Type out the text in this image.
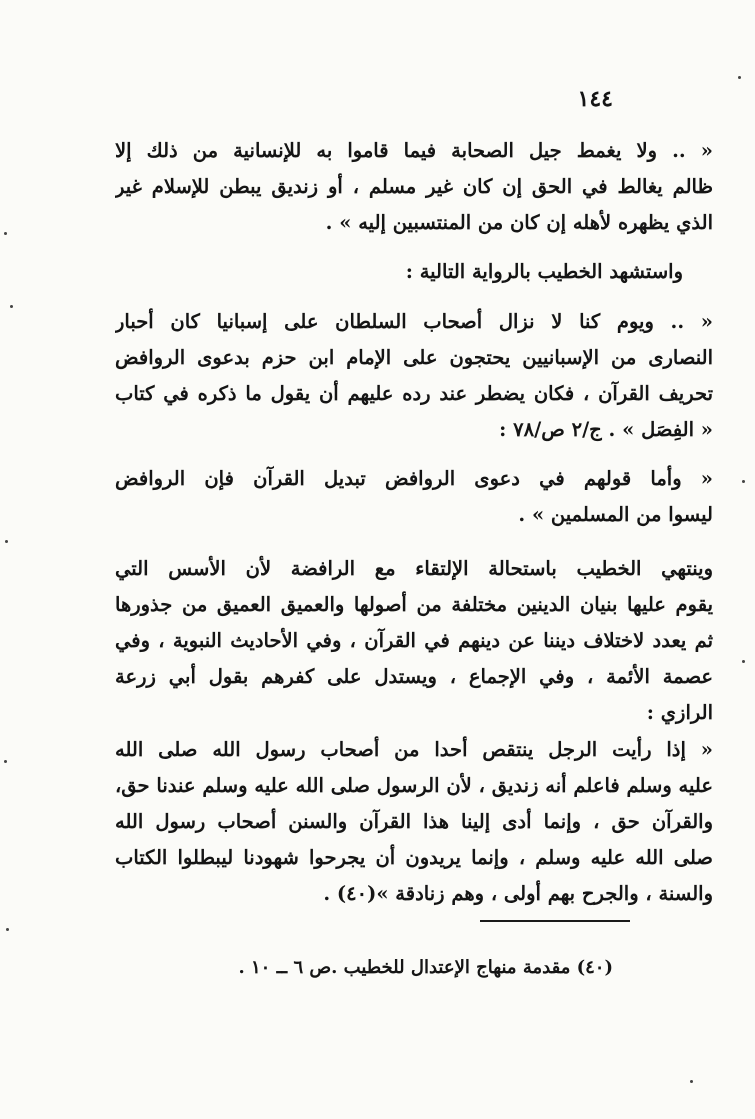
١٤٤
« .. ولا يغمط جيل الصحابة فيما قاموا به للإنسانية من ذلك إلا
ظالم يغالط في الحق إن كان غير مسلم ، أو زنديق يبطن للإسلام غير
الذي يظهره لأهله إن كان من المنتسبين إليه » .
واستشهد الخطيب بالرواية التالية :
« .. ويوم كنا لا نزال أصحاب السلطان على إسبانيا كان أحبار
النصارى من الإسبانيين يحتجون على الإمام ابن حزم بدعوى الروافض
تحريف القرآن ، فكان يضطر عند رده عليهم أن يقول ما ذكره في كتاب
« الفِصَل » . ج/٢ ص/٧٨ :
« وأما قولهم في دعوى الروافض تبديل القرآن فإن الروافض
ليسوا من المسلمين » .
وينتهي الخطيب باستحالة الإلتقاء مع الرافضة لأن الأسس التي
يقوم عليها بنيان الدينين مختلفة من أصولها والعميق العميق من جذورها
ثم يعدد لاختلاف ديننا عن دينهم في القرآن ، وفي الأحاديث النبوية ، وفي
عصمة الأئمة ، وفي الإجماع ، ويستدل على كفرهم بقول أبي زرعة
الرازي :
« إذا رأيت الرجل ينتقص أحدا من أصحاب رسول الله صلى الله
عليه وسلم فاعلم أنه زنديق ، لأن الرسول صلى الله عليه وسلم عندنا حق،
والقرآن حق ، وإنما أدى إلينا هذا القرآن والسنن أصحاب رسول الله
صلى الله عليه وسلم ، وإنما يريدون أن يجرحوا شهودنا ليبطلوا الكتاب
والسنة ، والجرح بهم أولى ، وهم زنادقة »(٤٠) .
(٤٠) مقدمة منهاج الإعتدال للخطيب .ص ٦ ــ ١٠ .
